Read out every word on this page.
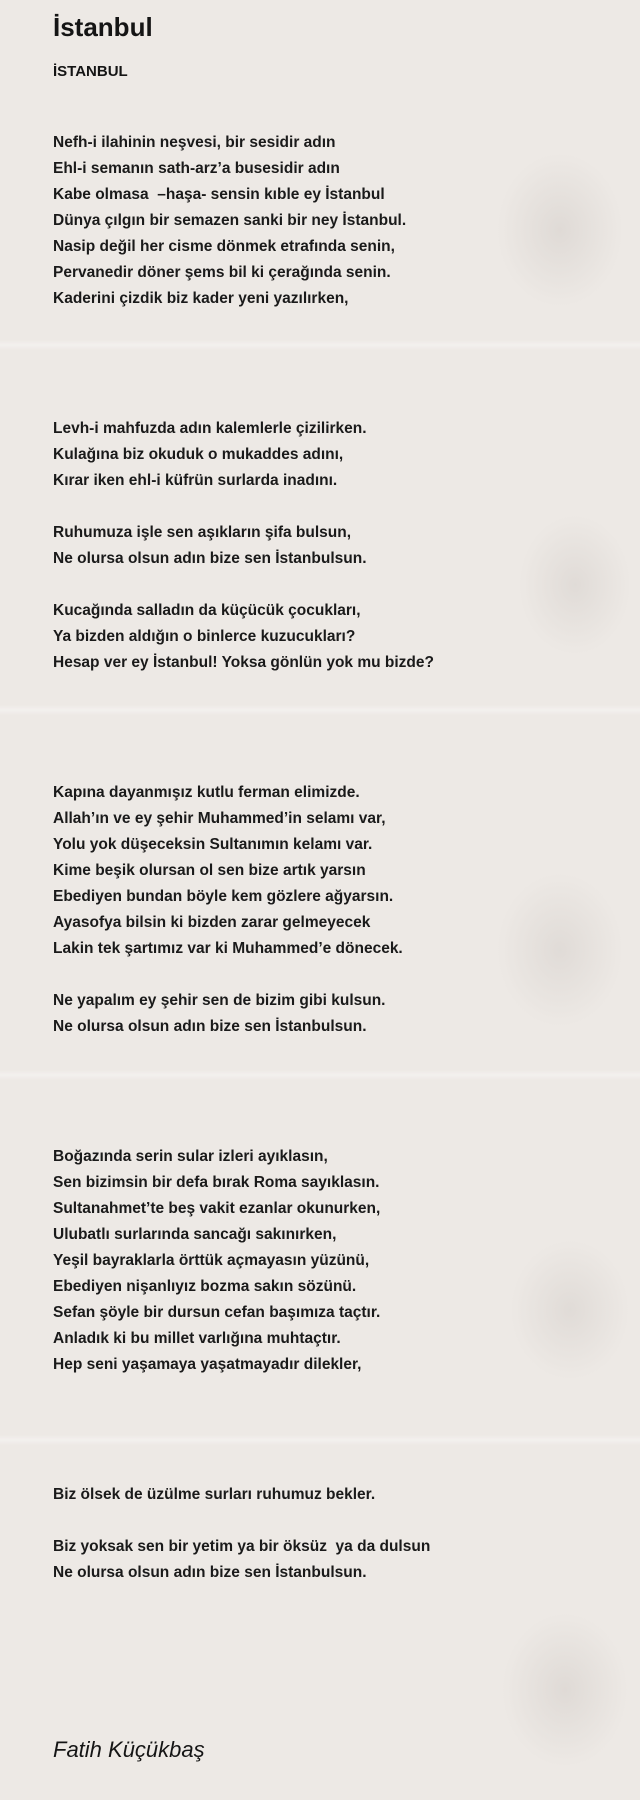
İstanbul
İSTANBUL
Nefh-i ilahinin neşvesi, bir sesidir adın
Ehl-i semanın sath-arz’a busesidir adın
Kabe olmasa  –haşa- sensin kıble ey İstanbul
Dünya çılgın bir semazen sanki bir ney İstanbul.
Nasip değil her cisme dönmek etrafında senin,
Pervanedir döner şems bil ki çerağında senin.
Kaderini çizdik biz kader yeni yazılırken,
Levh-i mahfuzda adın kalemlerle çizilirken.
Kulağına biz okuduk o mukaddes adını,
Kırar iken ehl-i küfrün surlarda inadını.
Ruhumuza işle sen aşıkların şifa bulsun,
Ne olursa olsun adın bize sen İstanbulsun.
Kucağında salladın da küçücük çocukları,
Ya bizden aldığın o binlerce kuzucukları?
Hesap ver ey İstanbul! Yoksa gönlün yok mu bizde?
Kapına dayanmışız kutlu ferman elimizde.
Allah’ın ve ey şehir Muhammed’in selamı var,
Yolu yok düşeceksin Sultanımın kelamı var.
Kime beşik olursan ol sen bize artık yarsın
Ebediyen bundan böyle kem gözlere ağyarsın.
Ayasofya bilsin ki bizden zarar gelmeyecek
Lakin tek şartımız var ki Muhammed’e dönecek.
Ne yapalım ey şehir sen de bizim gibi kulsun.
Ne olursa olsun adın bize sen İstanbulsun.
Boğazında serin sular izleri ayıklasın,
Sen bizimsin bir defa bırak Roma sayıklasın.
Sultanahmet’te beş vakit ezanlar okunurken,
Ulubatlı surlarında sancağı sakınırken,
Yeşil bayraklarla örttük açmayasın yüzünü,
Ebediyen nişanlıyız bozma sakın sözünü.
Sefan şöyle bir dursun cefan başımıza taçtır.
Anladık ki bu millet varlığına muhtaçtır.
Hep seni yaşamaya yaşatmayadır dilekler,
Biz ölsek de üzülme surları ruhumuz bekler.
Biz yoksak sen bir yetim ya bir öksüz  ya da dulsun
Ne olursa olsun adın bize sen İstanbulsun.
Fatih Küçükbaş
